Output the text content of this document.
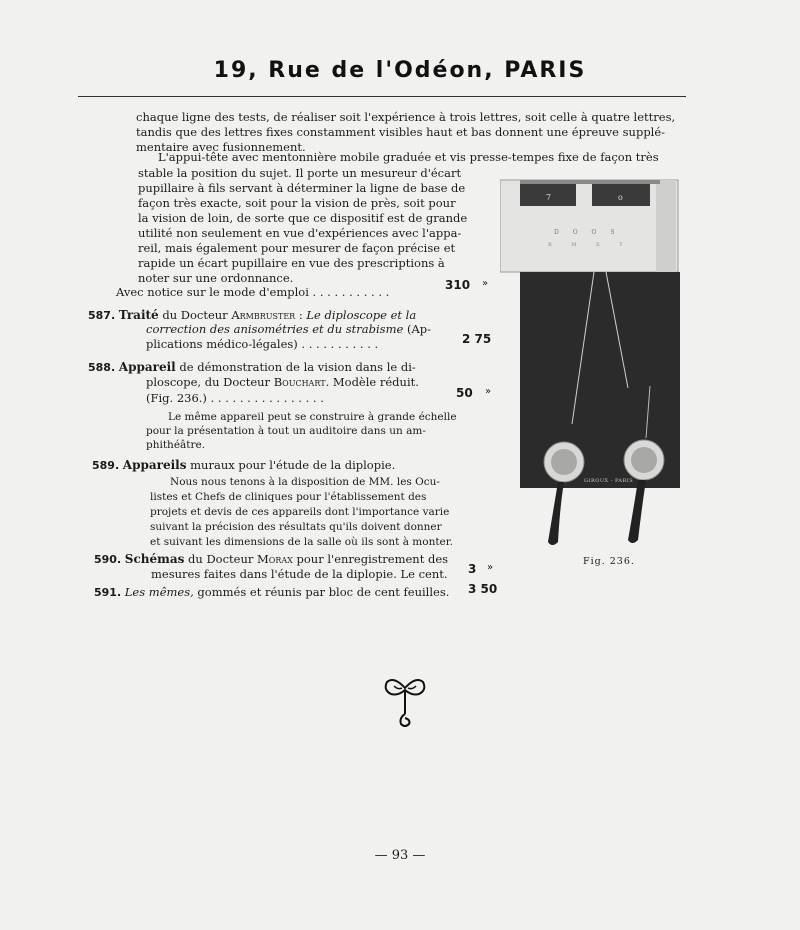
19, Rue de l'Odéon, PARIS
chaque ligne des tests, de réaliser soit l'expérience à trois lettres, soit celle à quatre lettres,
tandis que des lettres fixes constamment visibles haut et bas donnent une épreuve supplé-
mentaire avec fusionnement.
L'appui-tête avec mentonnière mobile graduée et vis presse-tempes fixe de façon très
stable la position du sujet. Il porte un mesureur d'écart
pupillaire à fils servant à déterminer la ligne de base de
façon très exacte, soit pour la vision de près, soit pour
la vision de loin, de sorte que ce dispositif est de grande
utilité non seulement en vue d'expériences avec l'appa-
reil, mais également pour mesurer de façon précise et
rapide un écart pupillaire en vue des prescriptions à
noter sur une ordonnance.
Avec notice sur le mode d'emploi . . . . . . . . . . .	310 »
587. Traité du Docteur Armbruster : Le diploscope et la
correction des anisométries et du strabisme (Ap-
plications médico-légales) . . . . . . . . . . .	2 75
588. Appareil de démonstration de la vision dans le di-
ploscope, du Docteur Bouchart. Modèle réduit.
(Fig. 236.) . . . . . . . . . . . . . . . .	50 »
Le même appareil peut se construire à grande échelle
pour la présentation à tout un auditoire dans un am-
phithéâtre.
589. Appareils muraux pour l'étude de la diplopie.
Nous nous tenons à la disposition de MM. les Ocu-
listes et Chefs de cliniques pour l'établissement des
projets et devis de ces appareils dont l'importance varie
suivant la précision des résultats qu'ils doivent donner
et suivant les dimensions de la salle où ils sont à monter.
590. Schémas du Docteur Morax pour l'enregistrement des
mesures faites dans l'étude de la diplopie. Le cent. 3 »
591. Les mêmes, gommés et réunis par bloc de cent feuilles. 3 50
7	o
D O O S
R M E T
GIROUX - PARIS
Fig. 236.
— 93 —
